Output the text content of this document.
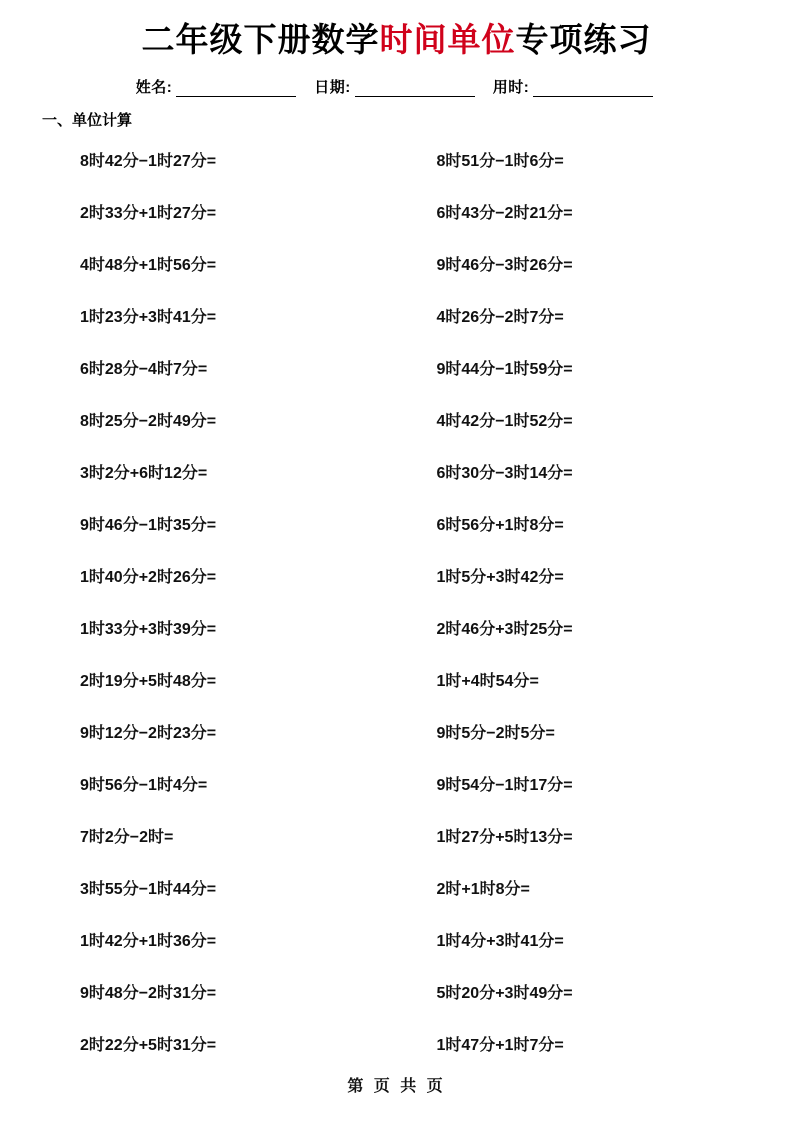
二年级下册数学时间单位专项练习
姓名:	日期:	用时:
一、单位计算
8时42分−1时27分=	8时51分−1时6分=
2时33分+1时27分=	6时43分−2时21分=
4时48分+1时56分=	9时46分−3时26分=
1时23分+3时41分=	4时26分−2时7分=
6时28分−4时7分=	9时44分−1时59分=
8时25分−2时49分=	4时42分−1时52分=
3时2分+6时12分=	6时30分−3时14分=
9时46分−1时35分=	6时56分+1时8分=
1时40分+2时26分=	1时5分+3时42分=
1时33分+3时39分=	2时46分+3时25分=
2时19分+5时48分=	1时+4时54分=
9时12分−2时23分=	9时5分−2时5分=
9时56分−1时4分=	9时54分−1时17分=
7时2分−2时=	1时27分+5时13分=
3时55分−1时44分=	2时+1时8分=
1时42分+1时36分=	1时4分+3时41分=
9时48分−2时31分=	5时20分+3时49分=
2时22分+5时31分=	1时47分+1时7分=
第 页 共 页
